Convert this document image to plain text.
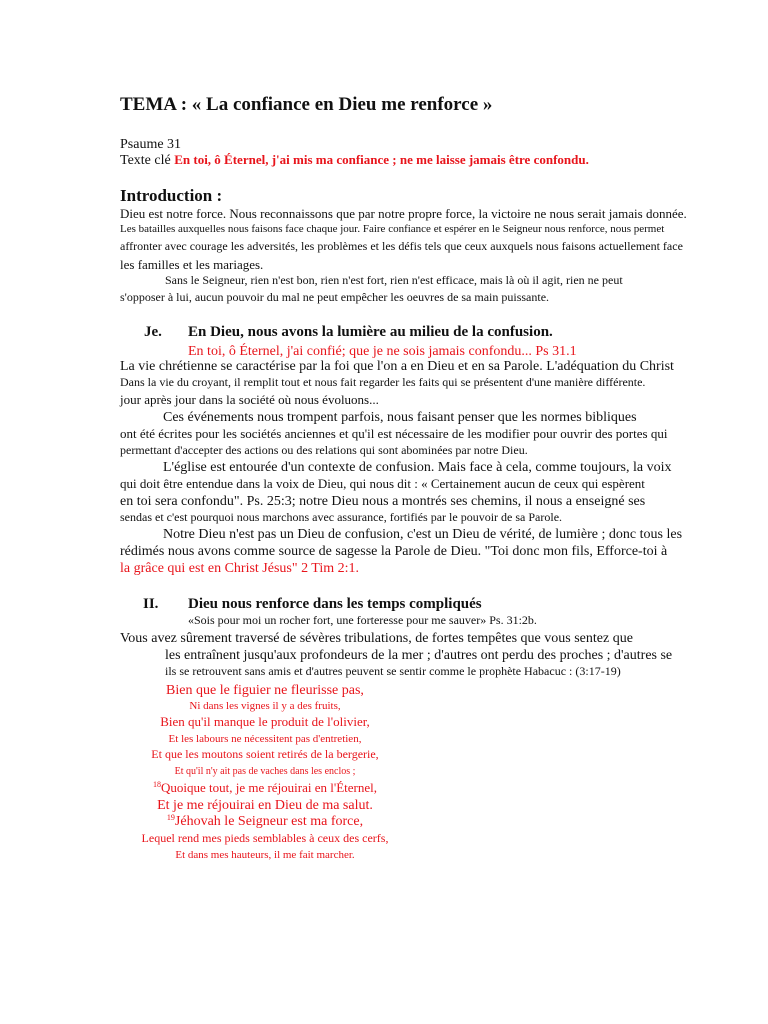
TEMA : « La confiance en Dieu me renforce »
Psaume 31
Texte clé En toi, ô Éternel, j'ai mis ma confiance ; ne me laisse jamais être confondu.
Introduction :
Dieu est notre force. Nous reconnaissons que par notre propre force, la victoire ne nous serait jamais donnée.
Les batailles auxquelles nous faisons face chaque jour. Faire confiance et espérer en le Seigneur nous renforce, nous permet
affronter avec courage les adversités, les problèmes et les défis tels que ceux auxquels nous faisons actuellement face
les familles et les mariages.
Sans le Seigneur, rien n'est bon, rien n'est fort, rien n'est efficace, mais là où il agit, rien ne peut
s'opposer à lui, aucun pouvoir du mal ne peut empêcher les oeuvres de sa main puissante.
Je. En Dieu, nous avons la lumière au milieu de la confusion.
En toi, ô Éternel, j'ai confié; que je ne sois jamais confondu... Ps 31.1
La vie chrétienne se caractérise par la foi que l'on a en Dieu et en sa Parole. L'adéquation du Christ
Dans la vie du croyant, il remplit tout et nous fait regarder les faits qui se présentent d'une manière différente.
jour après jour dans la société où nous évoluons...
Ces événements nous trompent parfois, nous faisant penser que les normes bibliques
ont été écrites pour les sociétés anciennes et qu'il est nécessaire de les modifier pour ouvrir des portes qui
permettant d'accepter des actions ou des relations qui sont abominées par notre Dieu.
L'église est entourée d'un contexte de confusion. Mais face à cela, comme toujours, la voix
qui doit être entendue dans la voix de Dieu, qui nous dit : « Certainement aucun de ceux qui espèrent
en toi sera confondu". Ps. 25:3; notre Dieu nous a montrés ses chemins, il nous a enseigné ses
sendas et c'est pourquoi nous marchons avec assurance, fortifiés par le pouvoir de sa Parole.
Notre Dieu n'est pas un Dieu de confusion, c'est un Dieu de vérité, de lumière ; donc tous les
rédimés nous avons comme source de sagesse la Parole de Dieu. "Toi donc mon fils, Efforce-toi à
la grâce qui est en Christ Jésus" 2 Tim 2:1.
II. Dieu nous renforce dans les temps compliqués
«Sois pour moi un rocher fort, une forteresse pour me sauver» Ps. 31:2b.
Vous avez sûrement traversé de sévères tribulations, de fortes tempêtes que vous sentez que
les entraînent jusqu'aux profondeurs de la mer ; d'autres ont perdu des proches ; d'autres se
ils se retrouvent sans amis et d'autres peuvent se sentir comme le prophète Habacuc : (3:17-19)
Bien que le figuier ne fleurisse pas,
Ni dans les vignes il y a des fruits,
Bien qu'il manque le produit de l'olivier,
Et les labours ne nécessitent pas d'entretien,
Et que les moutons soient retirés de la bergerie,
Et qu'il n'y ait pas de vaches dans les enclos ;
$^{18}$Quoique tout, je me réjouirai en l'Éternel,
Et je me réjouirai en Dieu de ma salut.
$^{19}$Jéhovah le Seigneur est ma force,
Lequel rend mes pieds semblables à ceux des cerfs,
Et dans mes hauteurs, il me fait marcher.
